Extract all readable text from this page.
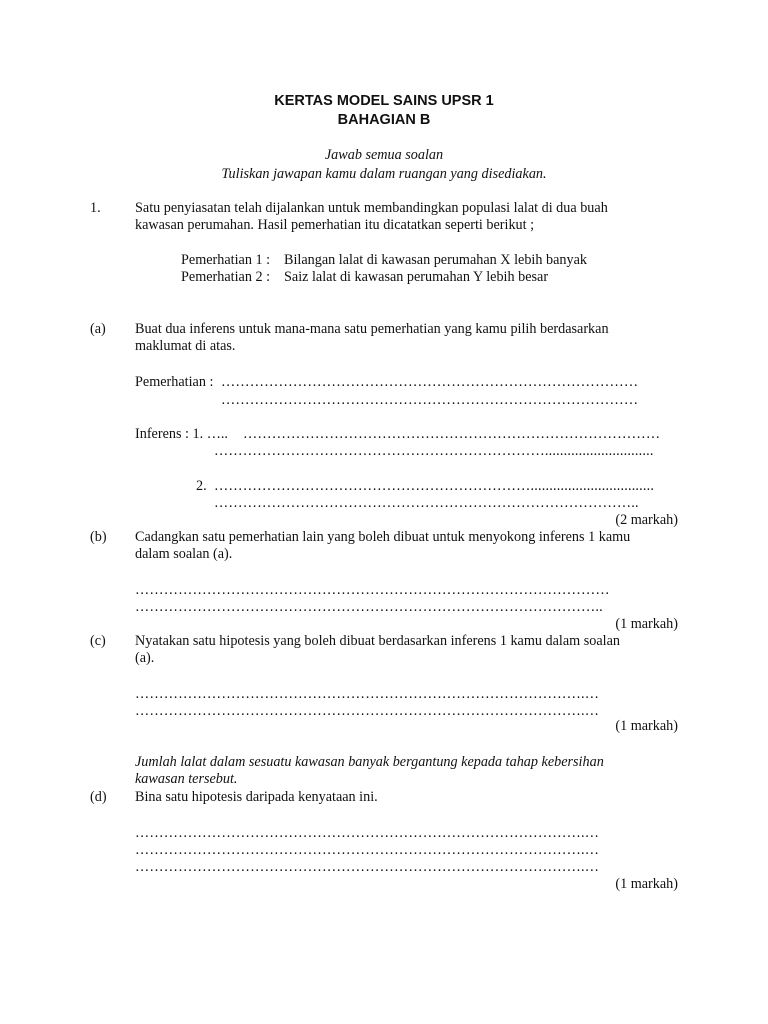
KERTAS MODEL SAINS UPSR 1
BAHAGIAN B
Jawab semua soalan
Tuliskan jawapan kamu dalam ruangan yang disediakan.
1. Satu penyiasatan telah dijalankan untuk membandingkan populasi lalat di dua buah
kawasan perumahan. Hasil pemerhatian itu dicatatkan seperti berikut ;
Pemerhatian 1 : Bilangan lalat di kawasan perumahan X lebih banyak
Pemerhatian 2 : Saiz lalat di kawasan perumahan Y lebih besar
(a) Buat dua inferens untuk mana-mana satu pemerhatian yang kamu pilih berdasarkan
maklumat di atas.
Pemerhatian : ……………………………………………………………………………
……………………………………………………………………………
Inferens : 1. ….. ……………………………………………………………………………
…………………………………………………………….............................
2. ………………………………………………………….................................
……………………………………………………………………………..
(2 markah)
(b) Cadangkan satu pemerhatian lain yang boleh dibuat untuk menyokong inferens 1 kamu
dalam soalan (a).
………………………………………………………………………………………
……………………………………………………………………………………..
(1 markah)
(c) Nyatakan satu hipotesis yang boleh dibuat berdasarkan inferens 1 kamu dalam soalan
(a).
………………………………………………………………………………….…
………………………………………………………………………………….…
(1 markah)
Jumlah lalat dalam sesuatu kawasan banyak bergantung kepada tahap kebersihan
kawasan tersebut.
(d) Bina satu hipotesis daripada kenyataan ini.
………………………………………………………………………………….…
………………………………………………………………………………….…
………………………………………………………………………………….…
(1 markah)
